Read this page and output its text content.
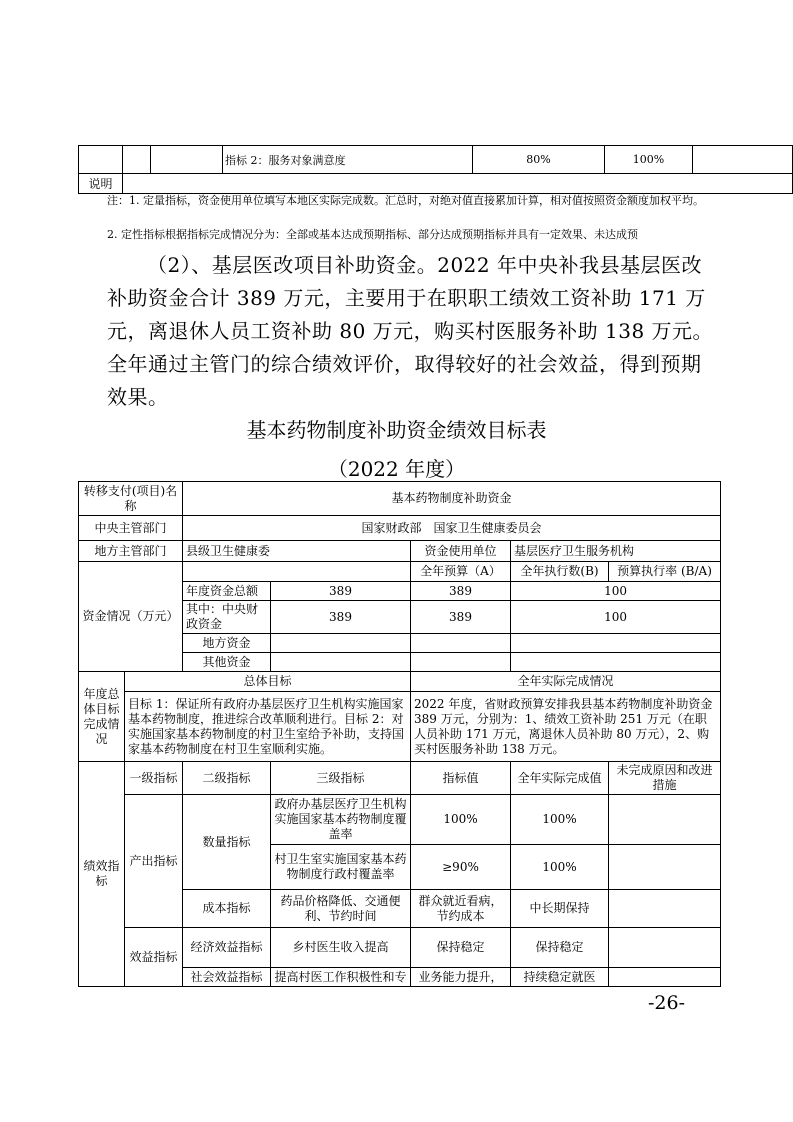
			指标 2：服务对象满意度	80%	100%	
说明						
注：1. 定量指标，资金使用单位填写本地区实际完成数。汇总时，对绝对值直接累加计算，相对值按照资金额度加权平均。
2. 定性指标根据指标完成情况分为：全部或基本达成预期指标、部分达成预期指标并具有一定效果、未达成预
（2）、基层医改项目补助资金。2022 年中央补我县基层医改补助资金合计 389 万元，主要用于在职职工绩效工资补助 171 万元，离退休人员工资补助 80 万元，购买村医服务补助 138 万元。全年通过主管门的综合绩效评价，取得较好的社会效益，得到预期效果。
基本药物制度补助资金绩效目标表
（2022 年度）
转移支付(项目)名称		基本药物制度补助资金				
中央主管部门		国家财政部　国家卫生健康委员会				
地方主管部门		县级卫生健康委		资金使用单位	基层医疗卫生服务机构	
资金情况（万元）				全年预算（A）	全年执行数(B)	预算执行率 (B/A)
		年度资金总额	389	389	100	
		其中：中央财政资金	389	389	100	
		地方资金				
		其他资金				
年度总体目标完成情况	总体目标			全年实际完成情况		
	目标 1：保证所有政府办基层医疗卫生机构实施国家基本药物制度，推进综合改革顺利进行。目标 2：对实施国家基本药物制度的村卫生室给予补助，支持国家基本药物制度在村卫生室顺利实施。			2022 年度，省财政预算安排我县基本药物制度补助资金 389 万元，分别为：1、绩效工资补助 251 万元（在职人员补助 171 万元，离退休人员补助 80 万元），2、购买村医服务补助 138 万元。		
绩效指标	一级指标	二级指标	三级指标	指标值	全年实际完成值	未完成原因和改进措施
	产出指标	数量指标	政府办基层医疗卫生机构实施国家基本药物制度覆盖率	100%	100%	
			村卫生室实施国家基本药物制度行政村覆盖率	≥90%	100%	
		成本指标	药品价格降低、交通便利、节约时间	群众就近看病，节约成本	中长期保持	
	效益指标	经济效益指标	乡村医生收入提高	保持稳定	保持稳定	
		社会效益指标	提高村医工作积极性和专	业务能力提升，	持续稳定就医	
-26-
